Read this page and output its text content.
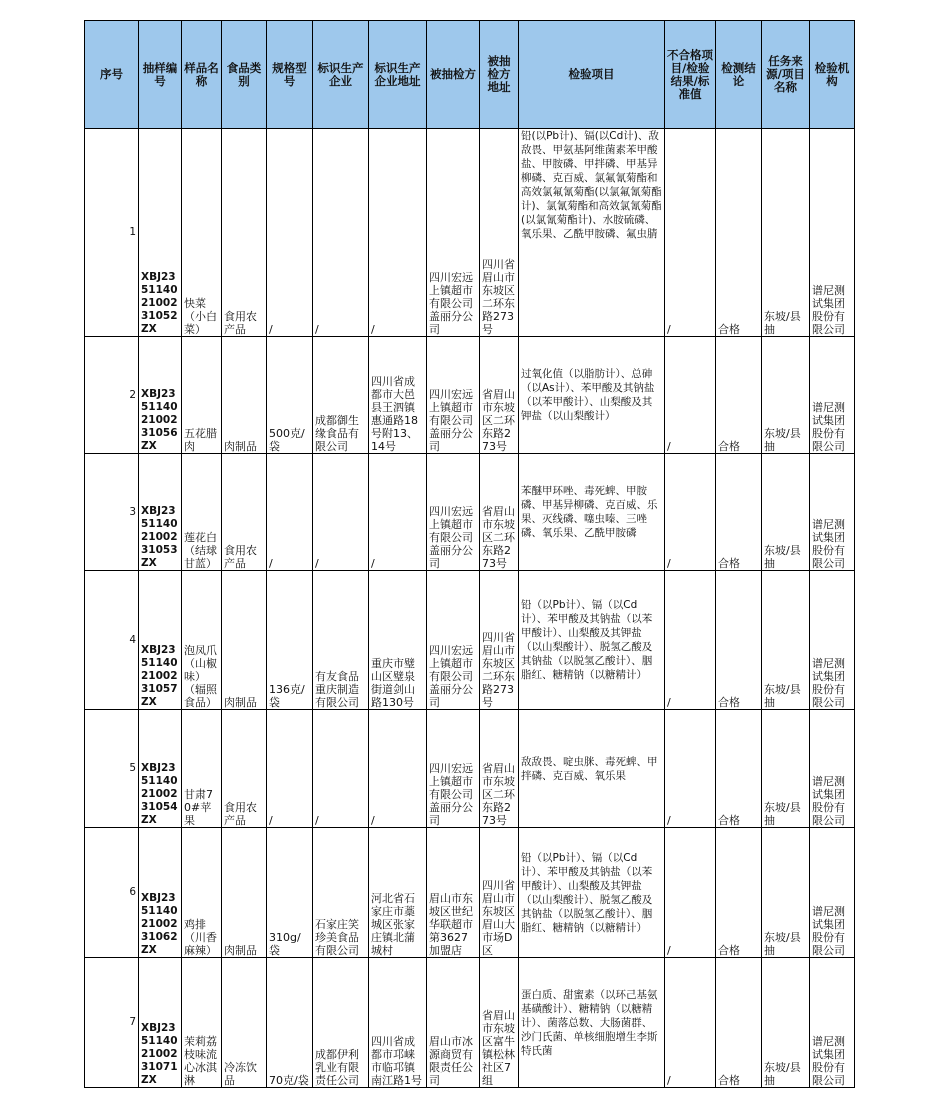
序号	抽样编号	样品名称	食品类别	规格型号	标识生产企业	标识生产企业地址	被抽检方	被抽检方地址	检验项目	不合格项目/检验结果/标准值	检测结论	任务来源/项目名称	检验机构
1	XBJ23511402100231052ZX	快菜（小白菜）	食用农产品	/	/	/	四川宏远上镇超市有限公司盖丽分公司	四川省眉山市东坡区二环东路273号	铅(以Pb计)、镉(以Cd计)、敌敌畏、甲氨基阿维菌素苯甲酸盐、甲胺磷、甲拌磷、甲基异柳磷、克百威、氯氟氰菊酯和高效氯氟氰菊酯(以氯氟氰菊酯计)、氯氰菊酯和高效氯氰菊酯(以氯氰菊酯计)、水胺硫磷、氧乐果、乙酰甲胺磷、氟虫腈	/	合格	东坡/县抽	谱尼测试集团股份有限公司
2	XBJ23511402100231056ZX	五花腊肉	肉制品	500克/袋	成都御生缘食品有限公司	四川省成都市大邑县王泗镇惠通路18号附13、14号	四川宏远上镇超市有限公司盖丽分公司	省眉山市东坡区二环东路273号	过氧化值（以脂肪计）、总砷（以As计）、苯甲酸及其钠盐（以苯甲酸计）、山梨酸及其钾盐（以山梨酸计）	/	合格	东坡/县抽	谱尼测试集团股份有限公司
3	XBJ23511402100231053ZX	莲花白（结球甘蓝）	食用农产品	/	/	/	四川宏远上镇超市有限公司盖丽分公司	省眉山市东坡区二环东路273号	苯醚甲环唑、毒死蜱、甲胺磷、甲基异柳磷、克百威、乐果、灭线磷、噻虫嗪、三唑磷、氧乐果、乙酰甲胺磷	/	合格	东坡/县抽	谱尼测试集团股份有限公司
4	XBJ23511402100231057ZX	泡凤爪（山椒味）（辐照食品）	肉制品	136克/袋	有友食品重庆制造有限公司	重庆市璧山区璧泉街道剑山路130号	四川宏远上镇超市有限公司盖丽分公司	四川省眉山市东坡区二环东路273号	铅（以Pb计）、镉（以Cd计）、苯甲酸及其钠盐（以苯甲酸计）、山梨酸及其钾盐（以山梨酸计）、脱氢乙酸及其钠盐（以脱氢乙酸计）、胭脂红、糖精钠（以糖精计）	/	合格	东坡/县抽	谱尼测试集团股份有限公司
5	XBJ23511402100231054ZX	甘肃70#苹果	食用农产品	/	/	/	四川宏远上镇超市有限公司盖丽分公司	省眉山市东坡区二环东路273号	敌敌畏、啶虫脒、毒死蜱、甲拌磷、克百威、氧乐果	/	合格	东坡/县抽	谱尼测试集团股份有限公司
6	XBJ23511402100231062ZX	鸡排（川香麻辣）	肉制品	310g/袋	石家庄笑珍美食品有限公司	河北省石家庄市藁城区张家庄镇北蒲城村	眉山市东坡区世纪华联超市第3627加盟店	四川省眉山市东坡区眉山大市场D区	铅（以Pb计）、镉（以Cd计）、苯甲酸及其钠盐（以苯甲酸计）、山梨酸及其钾盐（以山梨酸计）、脱氢乙酸及其钠盐（以脱氢乙酸计）、胭脂红、糖精钠（以糖精计）	/	合格	东坡/县抽	谱尼测试集团股份有限公司
7	XBJ23511402100231071ZX	茉莉荔枝味流心冰淇淋	冷冻饮品	70克/袋	成都伊利乳业有限责任公司	四川省成都市邛崃市临邛镇南江路1号	眉山市冰源商贸有限责任公司	省眉山市东坡区富牛镇松林社区7组	蛋白质、甜蜜素（以环己基氨基磺酸计）、糖精钠（以糖精计）、菌落总数、大肠菌群、沙门氏菌、单核细胞增生李斯特氏菌	/	合格	东坡/县抽	谱尼测试集团股份有限公司
